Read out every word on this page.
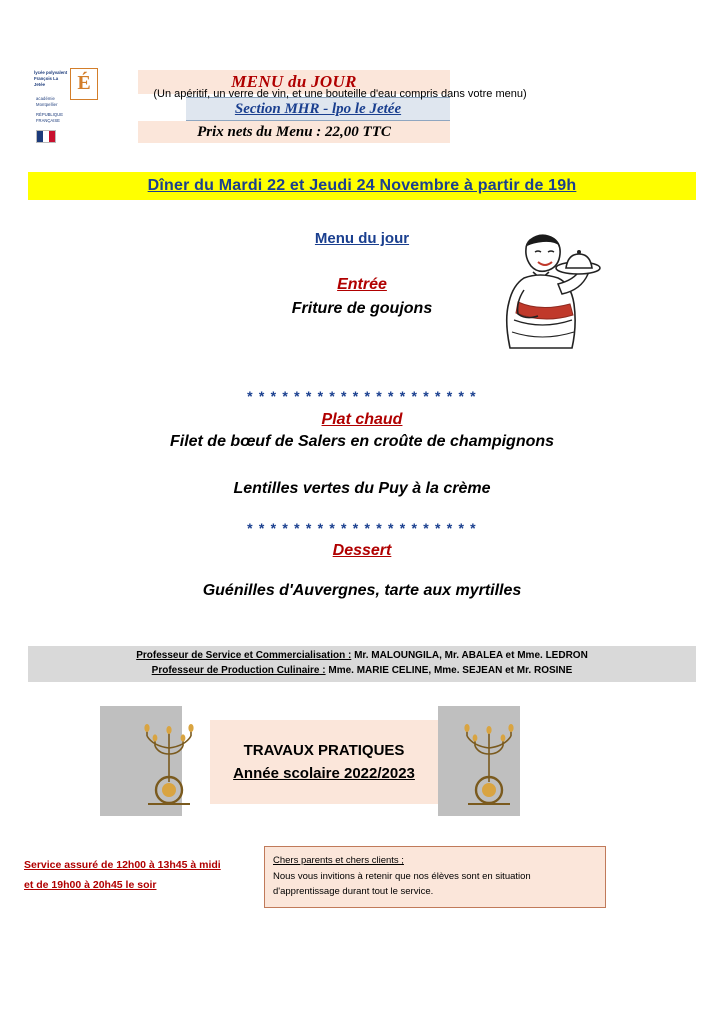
lycée polyvalent François La Jetée	É
académie Montpellier
RÉPUBLIQUE FRANÇAISE
MENU du JOUR
Section MHR - lpo le Jetée
Prix nets du Menu : 22,00 TTC
(Un apéritif, un verre de vin, et une bouteille d'eau compris dans votre menu)
Dîner du Mardi 22 et Jeudi 24 Novembre à partir de 19h
Menu du jour
Entrée
Friture de goujons
* * * * * * * * * * * * * * * * * * * *
Plat chaud
Filet de bœuf de Salers en croûte de champignons
Lentilles vertes du Puy à la crème
* * * * * * * * * * * * * * * * * * * *
Dessert
Guénilles d'Auvergnes, tarte aux myrtilles
Professeur de Service et Commercialisation : Mr. MALOUNGILA, Mr. ABALEA et Mme. LEDRON
Professeur de Production Culinaire : Mme. MARIE CELINE, Mme. SEJEAN et Mr. ROSINE
TRAVAUX PRATIQUES
Année scolaire 2022/2023
Service assuré de 12h00 à 13h45 à midi
et de 19h00 à 20h45 le soir
Chers parents et chers clients ;
Nous vous invitions à retenir que nos élèves sont en situation
d'apprentissage durant tout le service.
